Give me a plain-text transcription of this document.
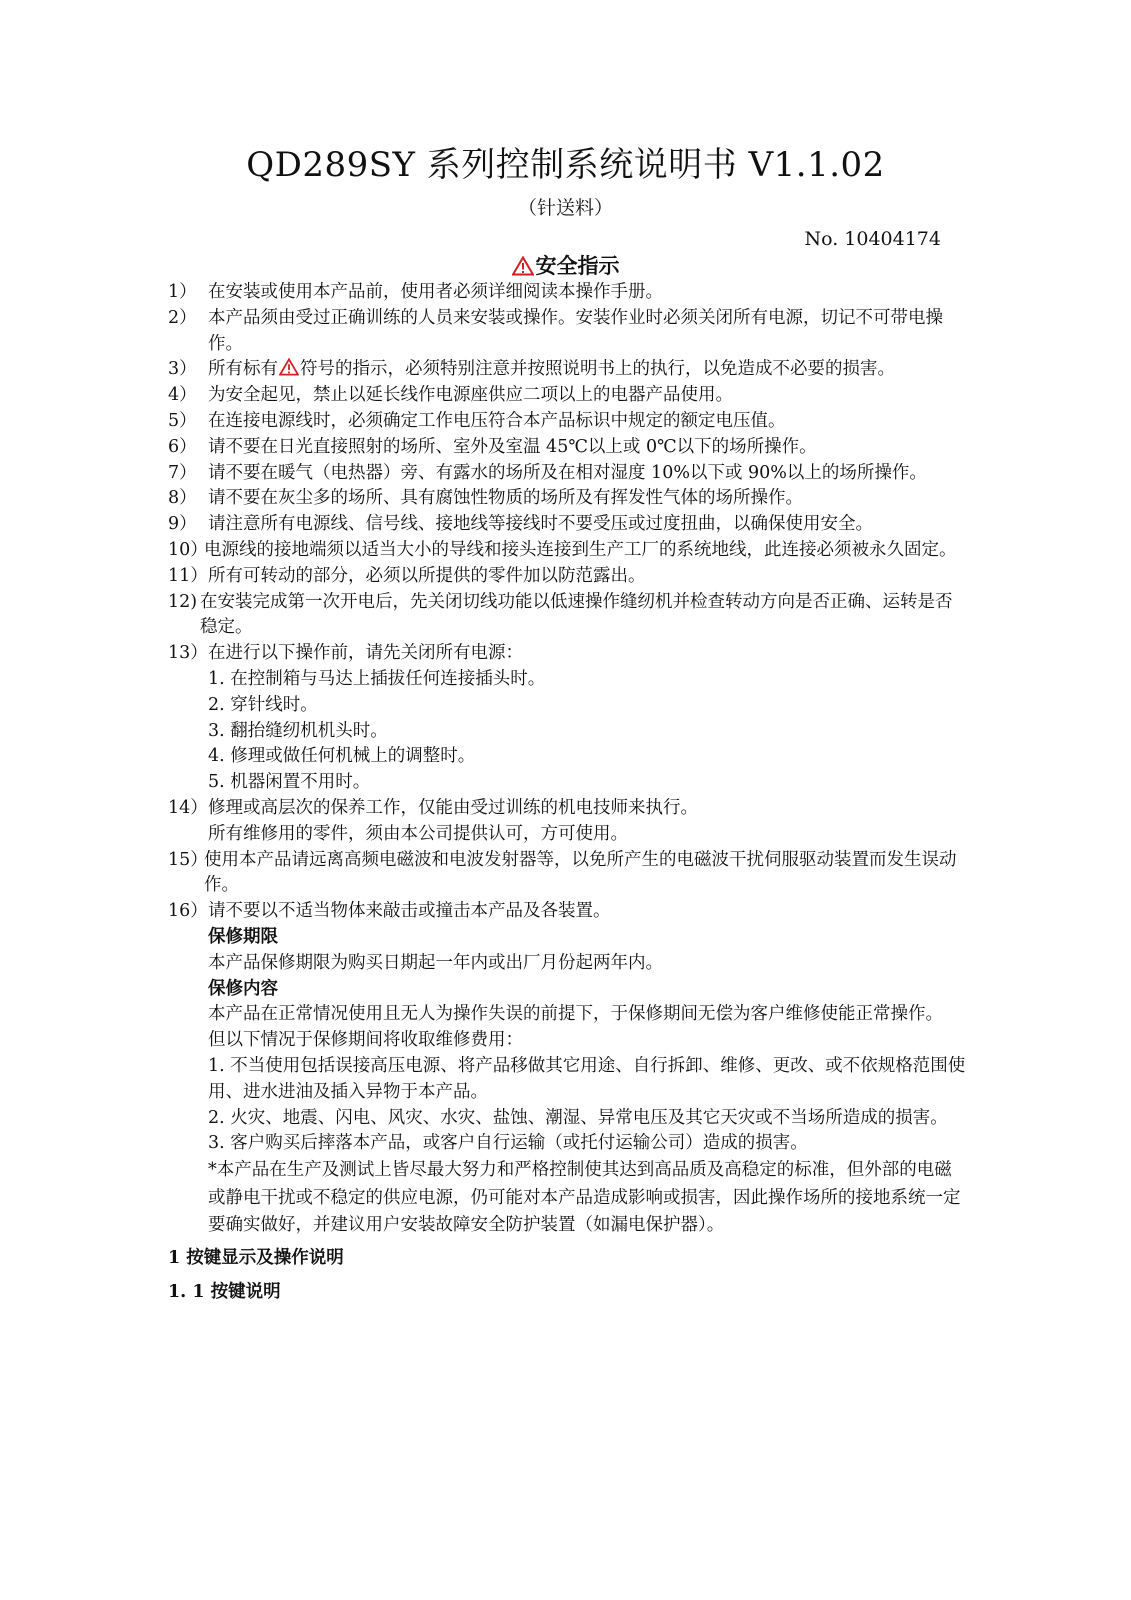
QD289SY 系列控制系统说明书 V1.1.02
（针送料）
No. 10404174
安全指示
1） 在安装或使用本产品前，使用者必须详细阅读本操作手册。
2） 本产品须由受过正确训练的人员来安装或操作。安装作业时必须关闭所有电源，切记不可带电操作。
3） 所有标有 符号的指示，必须特别注意并按照说明书上的执行，以免造成不必要的损害。
4） 为安全起见，禁止以延长线作电源座供应二项以上的电器产品使用。
5） 在连接电源线时，必须确定工作电压符合本产品标识中规定的额定电压值。
6） 请不要在日光直接照射的场所、室外及室温 45℃以上或 0℃以下的场所操作。
7） 请不要在暖气（电热器）旁、有露水的场所及在相对湿度 10%以下或 90%以上的场所操作。
8） 请不要在灰尘多的场所、具有腐蚀性物质的场所及有挥发性气体的场所操作。
9） 请注意所有电源线、信号线、接地线等接线时不要受压或过度扭曲，以确保使用安全。
10）
电源线的接地端须以适当大小的导线和接头连接到生产工厂的系统地线，此连接必须被永久固定。
11） 所有可转动的部分，必须以所提供的零件加以防范露出。
12) 在安装完成第一次开电后，先关闭切线功能以低速操作缝纫机并检查转动方向是否正确、运转是否稳定。
13） 在进行以下操作前，请先关闭所有电源：
1. 在控制箱与马达上插拔任何连接插头时。
2. 穿针线时。
3. 翻抬缝纫机机头时。
4. 修理或做任何机械上的调整时。
5. 机器闲置不用时。
14） 修理或高层次的保养工作，仅能由受过训练的机电技师来执行。
所有维修用的零件，须由本公司提供认可，方可使用。
15）
使用本产品请远离高频电磁波和电波发射器等，以免所产生的电磁波干扰伺服驱动装置而发生误动作。
16） 请不要以不适当物体来敲击或撞击本产品及各装置。
保修期限
本产品保修期限为购买日期起一年内或出厂月份起两年内。
保修内容
本产品在正常情况使用且无人为操作失误的前提下，于保修期间无偿为客户维修使能正常操作。
但以下情况于保修期间将收取维修费用：
1. 不当使用包括误接高压电源、将产品移做其它用途、自行拆卸、维修、更改、或不依规格范围使用、进水进油及插入异物于本产品。
2. 火灾、地震、闪电、风灾、水灾、盐蚀、潮湿、异常电压及其它天灾或不当场所造成的损害。
3. 客户购买后摔落本产品，或客户自行运输（或托付运输公司）造成的损害。
*本产品在生产及测试上皆尽最大努力和严格控制使其达到高品质及高稳定的标准，但外部的电磁或静电干扰或不稳定的供应电源，仍可能对本产品造成影响或损害，因此操作场所的接地系统一定要确实做好，并建议用户安装故障安全防护装置（如漏电保护器）。
1 按键显示及操作说明
1. 1 按键说明
